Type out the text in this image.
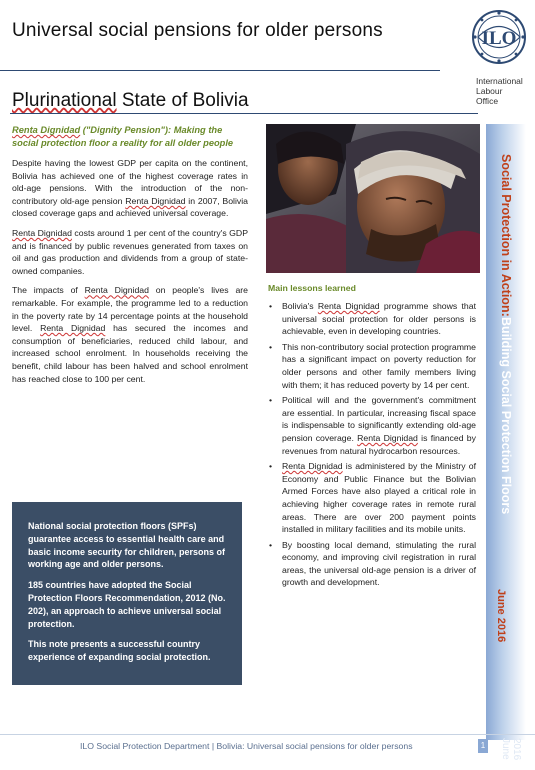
Universal social pensions for older persons	ILO
International
Labour
Office
Plurinational State of Bolivia
Renta Dignidad ("Dignity Pension"): Making the social protection floor a reality for all older people

Despite having the lowest GDP per capita on the continent, Bolivia has achieved one of the highest coverage rates in old-age pensions. With the introduction of the non-contributory old-age pension Renta Dignidad in 2007, Bolivia closed coverage gaps and achieved universal coverage.

Renta Dignidad costs around 1 per cent of the country's GDP and is financed by public revenues generated from taxes on oil and gas production and dividends from a group of state-owned companies.

The impacts of Renta Dignidad on people's lives are remarkable. For example, the programme led to a reduction in the poverty rate by 14 percentage points at the household level. Renta Dignidad has secured the incomes and consumption of beneficiaries, reduced child labour, and increased school enrolment. In households receiving the benefit, child labour has been halved and school enrolment has reached close to 100 per cent.

National social protection floors (SPFs) guarantee access to essential health care and basic income security for children, persons of working age and older persons.

185 countries have adopted the Social Protection Floors Recommendation, 2012 (No. 202), an approach to achieve universal social protection.

This note presents a successful country experience of expanding social protection.

Main lessons learned
• Bolivia's Renta Dignidad programme shows that universal social protection for older persons is achievable, even in developing countries.
• This non-contributory social protection programme has a significant impact on poverty reduction for older persons and other family members living with them; it has reduced poverty by 14 per cent.
• Political will and the government's commitment are essential. In particular, increasing fiscal space is indispensable to significantly extending old-age pension coverage. Renta Dignidad is financed by revenues from natural hydrocarbon resources.
• Renta Dignidad is administered by the Ministry of Economy and Public Finance but the Bolivian Armed Forces have also played a critical role in achieving higher coverage rates in remote rural areas. There are over 200 payment points installed in military facilities and its mobile units.
• By boosting local demand, stimulating the rural economy, and improving civil registration in rural areas, the universal old-age pension is a driver of growth and development.
Social Protection in Action:
Building Social Protection Floors
June 2016
2016 June
ILO Social Protection Department | Bolivia: Universal social pensions for older persons	1
